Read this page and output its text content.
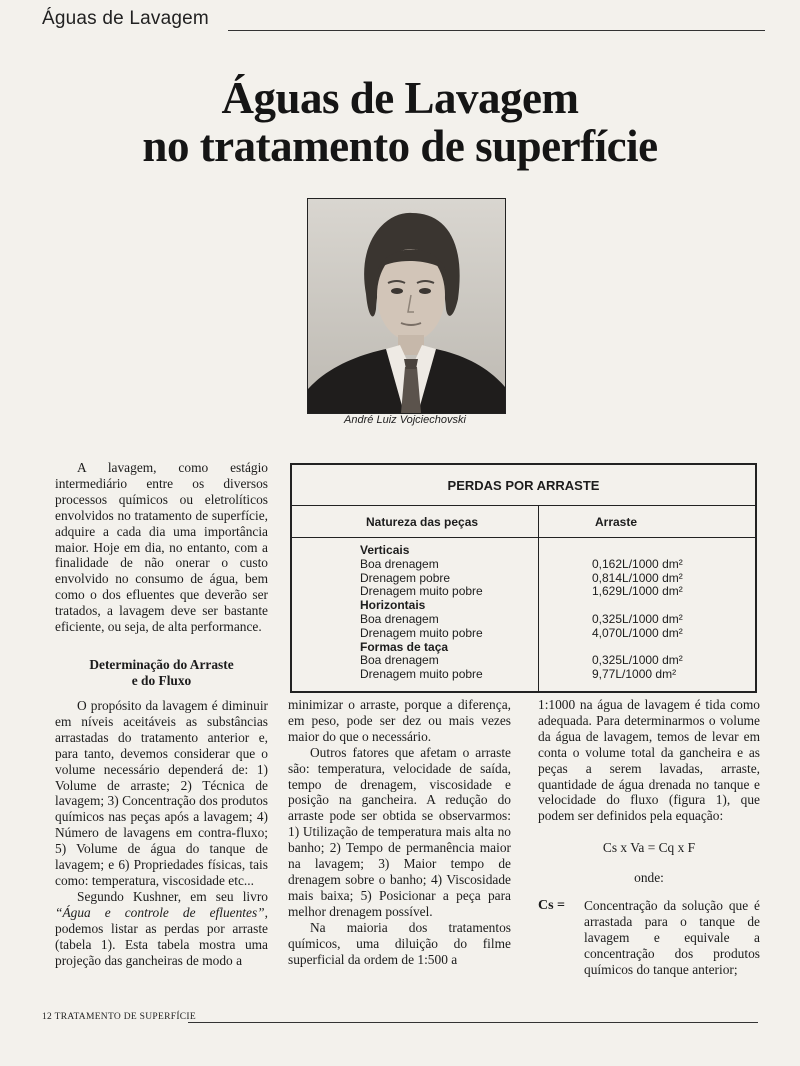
Águas de Lavagem
Águas de Lavagem
no tratamento de superfície
André Luiz Vojciechovski

A lavagem, como estágio intermediário entre os diversos processos químicos ou eletrolíticos envolvidos no tratamento de superfície, adquire a cada dia uma importância maior. Hoje em dia, no entanto, com a finalidade de não onerar o custo envolvido no consumo de água, bem como o dos efluentes que deverão ser tratados, a lavagem deve ser bastante eficiente, ou seja, de alta performance.

Determinação do Arraste
e do Fluxo

O propósito da lavagem é diminuir em níveis aceitáveis as substâncias arrastadas do tratamento anterior e, para tanto, devemos considerar que o volume necessário dependerá de: 1) Volume de arraste; 2) Técnica de lavagem; 3) Concentração dos produtos químicos nas peças após a lavagem; 4) Número de lavagens em contra-fluxo; 5) Volume de água do tanque de lavagem; e 6) Propriedades físicas, tais como: temperatura, viscosidade etc...

Segundo Kushner, em seu livro “Água e controle de efluentes”, podemos listar as perdas por arraste (tabela 1). Esta tabela mostra uma projeção das gancheiras de modo a

PERDAS POR ARRASTE
Natureza das peças	Arraste
Verticais
Boa drenagem	0,162L/1000 dm²
Drenagem pobre	0,814L/1000 dm²
Drenagem muito pobre	1,629L/1000 dm²
Horizontais
Boa drenagem	0,325L/1000 dm²
Drenagem muito pobre	4,070L/1000 dm²
Formas de taça
Boa drenagem	0,325L/1000 dm²
Drenagem muito pobre	9,77L/1000 dm²

minimizar o arraste, porque a diferença, em peso, pode ser dez ou mais vezes maior do que o necessário.

Outros fatores que afetam o arraste são: temperatura, velocidade de saída, tempo de drenagem, viscosidade e posição na gancheira. A redução do arraste pode ser obtida se observarmos: 1) Utilização de temperatura mais alta no banho; 2) Tempo de permanência maior na lavagem; 3) Maior tempo de drenagem sobre o banho; 4) Viscosidade mais baixa; 5) Posicionar a peça para melhor drenagem possível.

Na maioria dos tratamentos químicos, uma diluição do filme superficial da ordem de 1:500 a

1:1000 na água de lavagem é tida como adequada. Para determinarmos o volume da água de lavagem, temos de levar em conta o volume total da gancheira e as peças a serem lavadas, arraste, quantidade de água drenada no tanque e velocidade do fluxo (figura 1), que podem ser definidos pela equação:

Cs x Va = Cq x F

onde:

Cs =	Concentração da solução que é arrastada para o tanque de lavagem e equivale a concentração dos produtos químicos do tanque anterior;
12 TRATAMENTO DE SUPERFÍCIE
